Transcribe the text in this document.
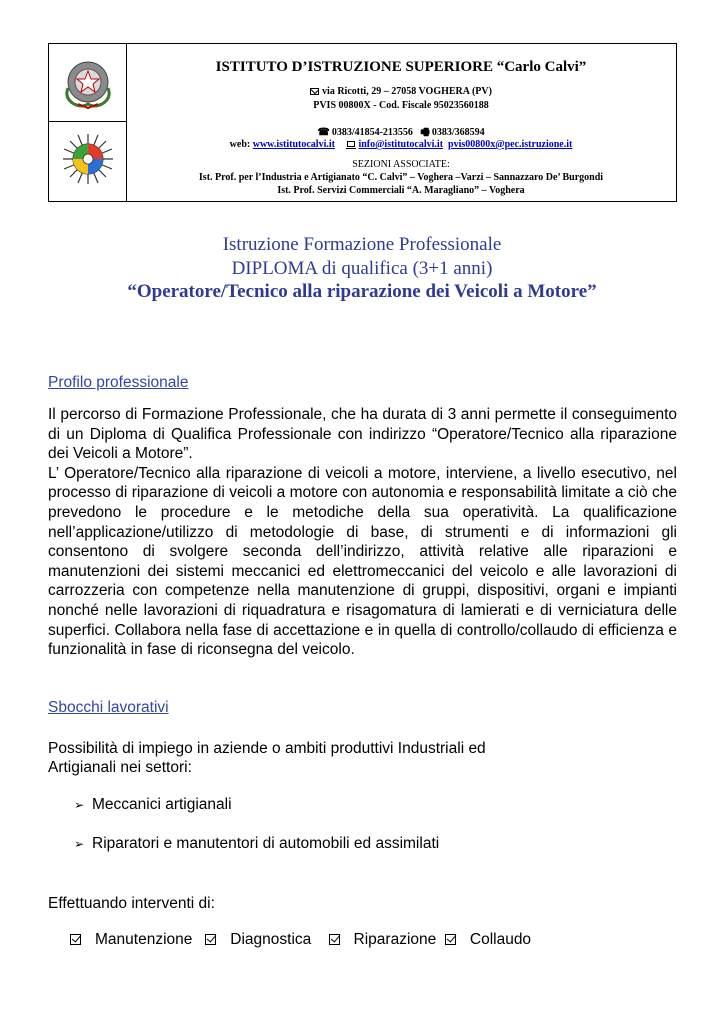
ISTITUTO D’ISTRUZIONE SUPERIORE “Carlo Calvi”
via Ricotti, 29 – 27058 VOGHERA (PV)
PVIS 00800X - Cod. Fiscale 95023560188
☎ 0383/41854-213556 🖷 0383/368594
web: www.istitutocalvi.it info@istitutocalvi.it pvis00800x@pec.istruzione.it
SEZIONI ASSOCIATE:
Ist. Prof. per l’Industria e Artigianato “C. Calvi” – Voghera –Varzi – Sannazzaro De’ Burgondi
Ist. Prof. Servizi Commerciali “A. Maragliano” – Voghera
Istruzione Formazione Professionale
DIPLOMA di qualifica (3+1 anni)
“Operatore/Tecnico alla riparazione dei Veicoli a Motore”
Profilo professionale

Il percorso di Formazione Professionale, che ha durata di 3 anni permette il conseguimento di un Diploma di Qualifica Professionale con indirizzo “Operatore/Tecnico alla riparazione dei Veicoli a Motore”.

L’ Operatore/Tecnico alla riparazione di veicoli a motore, interviene, a livello esecutivo, nel processo di riparazione di veicoli a motore con autonomia e responsabilità limitate a ciò che prevedono le procedure e le metodiche della sua operatività. La qualificazione nell’applicazione/utilizzo di metodologie di base, di strumenti e di informazioni gli consentono di svolgere seconda dell’indirizzo, attività relative alle riparazioni e manutenzioni dei sistemi meccanici ed elettromeccanici del veicolo e alle lavorazioni di carrozzeria con competenze nella manutenzione di gruppi, dispositivi, organi e impianti nonché nelle lavorazioni di riquadratura e risagomatura di lamierati e di verniciatura delle superfici. Collabora nella fase di accettazione e in quella di controllo/collaudo di efficienza e funzionalità in fase di riconsegna del veicolo.

Sbocchi lavorativi
Possibilità di impiego in aziende o ambiti produttivi Industriali ed
Artigianali nei settori:
➢ Meccanici artigianali
➢ Riparatori e manutentori di automobili ed assimilati
Effettuando interventi di:
Manutenzione Diagnostica	Riparazione Collaudo
